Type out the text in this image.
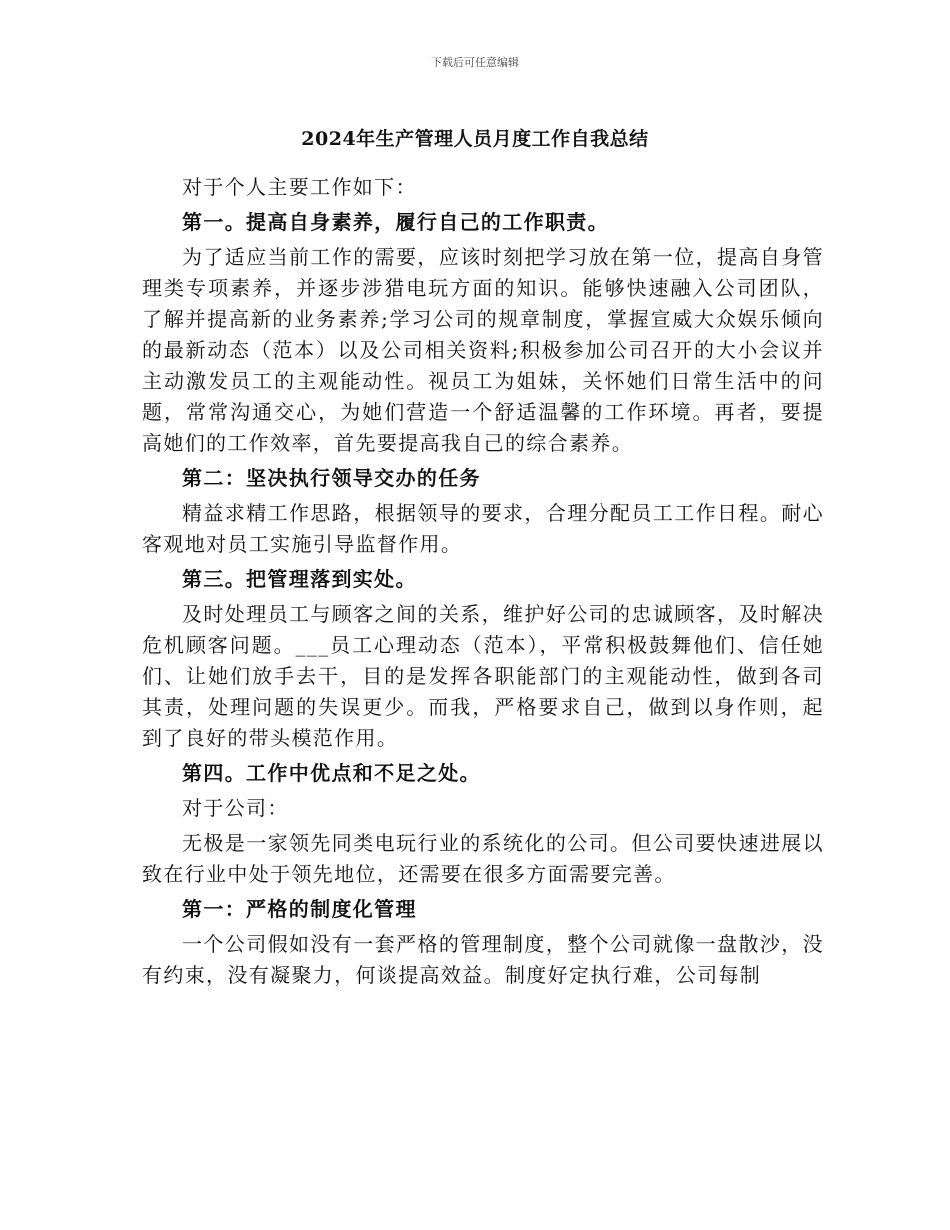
下载后可任意编辑
2024年生产管理人员月度工作自我总结

对于个人主要工作如下：

第一。提高自身素养，履行自己的工作职责。

为了适应当前工作的需要，应该时刻把学习放在第一位，提高自身管理类专项素养，并逐步涉猎电玩方面的知识。能够快速融入公司团队，了解并提高新的业务素养;学习公司的规章制度，掌握宣威大众娱乐倾向的最新动态（范本）以及公司相关资料;积极参加公司召开的大小会议并主动激发员工的主观能动性。视员工为姐妹，关怀她们日常生活中的问题，常常沟通交心，为她们营造一个舒适温馨的工作环境。再者，要提高她们的工作效率，首先要提高我自己的综合素养。

第二：坚决执行领导交办的任务

精益求精工作思路，根据领导的要求，合理分配员工工作日程。耐心客观地对员工实施引导监督作用。

第三。把管理落到实处。

及时处理员工与顾客之间的关系，维护好公司的忠诚顾客，及时解决危机顾客问题。___员工心理动态（范本），平常积极鼓舞他们、信任她们、让她们放手去干，目的是发挥各职能部门的主观能动性，做到各司其责，处理问题的失误更少。而我，严格要求自己，做到以身作则，起到了良好的带头模范作用。

第四。工作中优点和不足之处。

对于公司：

无极是一家领先同类电玩行业的系统化的公司。但公司要快速进展以致在行业中处于领先地位，还需要在很多方面需要完善。

第一：严格的制度化管理

一个公司假如没有一套严格的管理制度，整个公司就像一盘散沙，没有约束，没有凝聚力，何谈提高效益。制度好定执行难，公司每制
